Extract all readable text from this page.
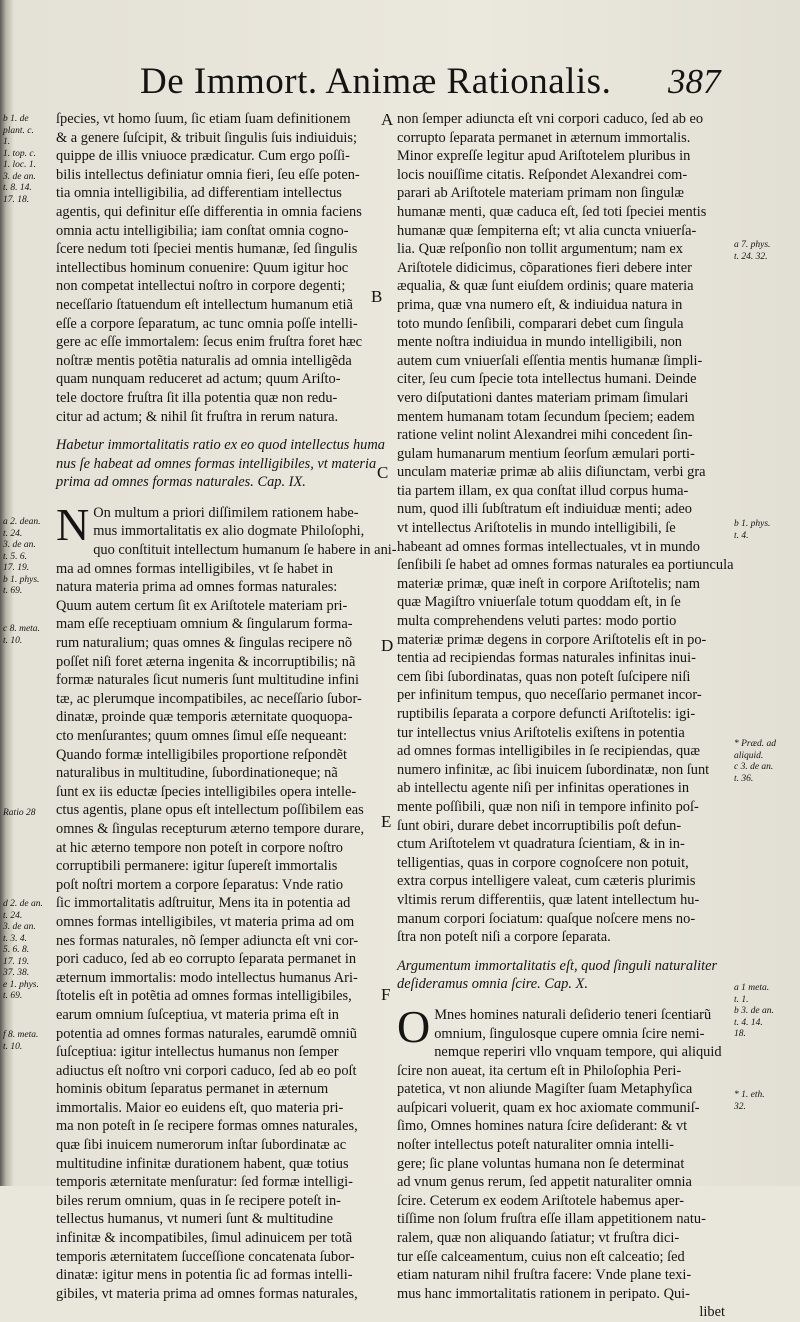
De Immort. Animæ Rationalis. 387
A
B
C
D
E
F
b 1. de
plant. c.
1.
1. top. c.
1. loc. 1.
3. de an.
t. 8. 14.
17. 18.
a 2. dean.
t. 24.
3. de an.
t. 5. 6.
17. 19.
b 1. phys.
t. 69.
c 8. meta.
t. 10.
Ratio 28
d 2. de an.
t. 24.
3. de an.
t. 3. 4.
5. 6. 8.
17. 19.
37. 38.
e 1. phys.
t. 69.
f 8. meta.
t. 10.
a 7. phys.
t. 24. 32.
b 1. phys.
t. 4.
* Præd. ad
aliquid.
c 3. de an.
t. 36.
a 1 meta.
t. 1.
b 3. de an.
t. 4. 14.
18.
* 1. eth.
32.

ſpecies, vt homo ſuum, ſic etiam ſuam definitionem
& a genere ſuſcipit, & tribuit ſingulis ſuis indiuiduis;
quippe de illis vniuoce prædicatur. Cum ergo poſſi-
bilis intellectus definiatur omnia fieri, ſeu eſſe poten-
tia omnia intelligibilia, ad differentiam intellectus
agentis, qui definitur eſſe differentia in omnia faciens
omnia actu intelligibilia; iam conſtat omnia cogno-
ſcere nedum toti ſpeciei mentis humanæ, ſed ſingulis
intellectibus hominum conuenire: Quum igitur hoc
non competat intellectui noſtro in corpore degenti;
neceſſario ſtatuendum eſt intellectum humanum etiã
eſſe a corpore ſeparatum, ac tunc omnia poſſe intelli-
gere ac eſſe immortalem: ſecus enim fruſtra foret hæc
noſtræ mentis potẽtia naturalis ad omnia intelligẽda
quam nunquam reduceret ad actum; quum Ariſto-
tele doctore fruſtra ſit illa potentia quæ non redu-
citur ad actum; & nihil ſit fruſtra in rerum natura.

Habetur immortalitatis ratio ex eo quod intellectus huma
nus ſe habeat ad omnes formas intelligibiles, vt materia
prima ad omnes formas naturales. Cap. IX.

N On multum a priori diſſimilem rationem habe-
mus immortalitatis ex alio dogmate Philoſophi,
quo conſtituit intellectum humanum ſe habere in ani-
ma ad omnes formas intelligibiles, vt ſe habet in
natura materia prima ad omnes formas naturales:
Quum autem certum ſit ex Ariſtotele materiam pri-
mam eſſe receptiuam omnium & ſingularum forma-
rum naturalium; quas omnes & ſingulas recipere nõ
poſſet niſi foret æterna ingenita & incorruptibilis; nã
formæ naturales ſicut numeris ſunt multitudine infini
tæ, ac plerumque incompatibiles, ac neceſſario ſubor-
dinatæ, proinde quæ temporis æternitate quoquopa-
cto menſurantes; quum omnes ſimul eſſe nequeant:
Quando formæ intelligibiles proportione reſpondẽt
naturalibus in multitudine, ſubordinationeque; nã
ſunt ex iis eductæ ſpecies intelligibiles opera intelle-
ctus agentis, plane opus eſt intellectum poſſibilem eas
omnes & ſingulas recepturum æterno tempore durare,
at hic æterno tempore non poteſt in corpore noſtro
corruptibili permanere: igitur ſupereſt immortalis
poſt noſtri mortem a corpore ſeparatus: Vnde ratio
ſic immortalitatis adſtruitur, Mens ita in potentia ad
omnes formas intelligibiles, vt materia prima ad om
nes formas naturales, nõ ſemper adiuncta eſt vni cor-
pori caduco, ſed ab eo corrupto ſeparata permanet in
æternum immortalis: modo intellectus humanus Ari-
ſtotelis eſt in potẽtia ad omnes formas intelligibiles,
earum omnium ſuſceptiua, vt materia prima eſt in
potentia ad omnes formas naturales, earumdẽ omniũ
ſuſceptiua: igitur intellectus humanus non ſemper
adiuctus eſt noſtro vni corpori caduco, ſed ab eo poſt
hominis obitum ſeparatus permanet in æternum
immortalis. Maior eo euidens eſt, quo materia pri-
ma non poteſt in ſe recipere formas omnes naturales,
quæ ſibi inuicem numerorum inſtar ſubordinatæ ac
multitudine infinitæ durationem habent, quæ totius
temporis æternitate menſuratur: ſed formæ intelligi-
biles rerum omnium, quas in ſe recipere poteſt in-
tellectus humanus, vt numeri ſunt & multitudine
infinitæ & incompatibiles, ſimul adinuicem per totã
temporis æternitatem ſucceſſione concatenata ſubor-
dinatæ: igitur mens in potentia ſic ad formas intelli-
gibiles, vt materia prima ad omnes formas naturales,

non ſemper adiuncta eſt vni corpori caduco, ſed ab eo
corrupto ſeparata permanet in æternum immortalis.
Minor expreſſe legitur apud Ariſtotelem pluribus in
locis nouiſſime citatis. Reſpondet Alexandrei com-
parari ab Ariſtotele materiam primam non ſingulæ
humanæ menti, quæ caduca eſt, ſed toti ſpeciei mentis
humanæ quæ ſempiterna eſt; vt alia cuncta vniuerſa-
lia. Quæ reſponſio non tollit argumentum; nam ex
Ariſtotele didicimus, cõparationes fieri debere inter
æqualia, & quæ ſunt eiuſdem ordinis; quare materia
prima, quæ vna numero eſt, & indiuidua natura in
toto mundo ſenſibili, comparari debet cum ſingula
mente noſtra indiuidua in mundo intelligibili, non
autem cum vniuerſali eſſentia mentis humanæ ſimpli-
citer, ſeu cum ſpecie tota intellectus humani. Deinde
vero diſputationi dantes materiam primam ſimulari
mentem humanam totam ſecundum ſpeciem; eadem
ratione velint nolint Alexandrei mihi concedent ſin-
gulam humanarum mentium ſeorſum æmulari porti-
unculam materiæ primæ ab aliis diſiunctam, verbi gra
tia partem illam, ex qua conſtat illud corpus huma-
num, quod illi ſubſtratum eſt indiuiduæ menti; adeo
vt intellectus Ariſtotelis in mundo intelligibili, ſe
habeant ad omnes formas intellectuales, vt in mundo
ſenſibili ſe habet ad omnes formas naturales ea portiuncula
materiæ primæ, quæ ineſt in corpore Ariſtotelis; nam
quæ Magiſtro vniuerſale totum quoddam eſt, in ſe
multa comprehendens veluti partes: modo portio
materiæ primæ degens in corpore Ariſtotelis eſt in po-
tentia ad recipiendas formas naturales infinitas inui-
cem ſibi ſubordinatas, quas non poteſt ſuſcipere niſi
per infinitum tempus, quo neceſſario permanet incor-
ruptibilis ſeparata a corpore defuncti Ariſtotelis: igi-
tur intellectus vnius Ariſtotelis exiſtens in potentia
ad omnes formas intelligibiles in ſe recipiendas, quæ
numero infinitæ, ac ſibi inuicem ſubordinatæ, non ſunt
ab intellectu agente niſi per infinitas operationes in
mente poſſibili, quæ non niſi in tempore infinito poſ-
ſunt obiri, durare debet incorruptibilis poſt defun-
ctum Ariſtotelem vt quadratura ſcientiam, & in in-
telligentias, quas in corpore cognoſcere non potuit,
extra corpus intelligere valeat, cum cæteris plurimis
vltimis rerum differentiis, quæ latent intellectum hu-
manum corpori ſociatum: quaſque noſcere mens no-
ſtra non poteſt niſi a corpore ſeparata.

Argumentum immortalitatis eſt, quod ſinguli naturaliter
deſideramus omnia ſcire. Cap. X.

O Mnes homines naturali deſiderio teneri ſcentiarũ
omnium, ſingulosque cupere omnia ſcire nemi-
nemque reperiri vllo vnquam tempore, qui aliquid
ſcire non aueat, ita certum eſt in Philoſophia Peri-
patetica, vt non aliunde Magiſter ſuam Metaphyſica
auſpicari voluerit, quam ex hoc axiomate communiſ-
ſimo, Omnes homines natura ſcire deſiderant: & vt
noſter intellectus poteſt naturaliter omnia intelli-
gere; ſic plane voluntas humana non ſe determinat
ad vnum genus rerum, ſed appetit naturaliter omnia
ſcire. Ceterum ex eodem Ariſtotele habemus aper-
tiſſime non ſolum fruſtra eſſe illam appetitionem natu-
ralem, quæ non aliquando ſatiatur; vt fruſtra dici-
tur eſſe calceamentum, cuius non eſt calceatio; ſed
etiam naturam nihil fruſtra facere: Vnde plane texi-
mus hanc immortalitatis rationem in peripato. Qui-
libet
